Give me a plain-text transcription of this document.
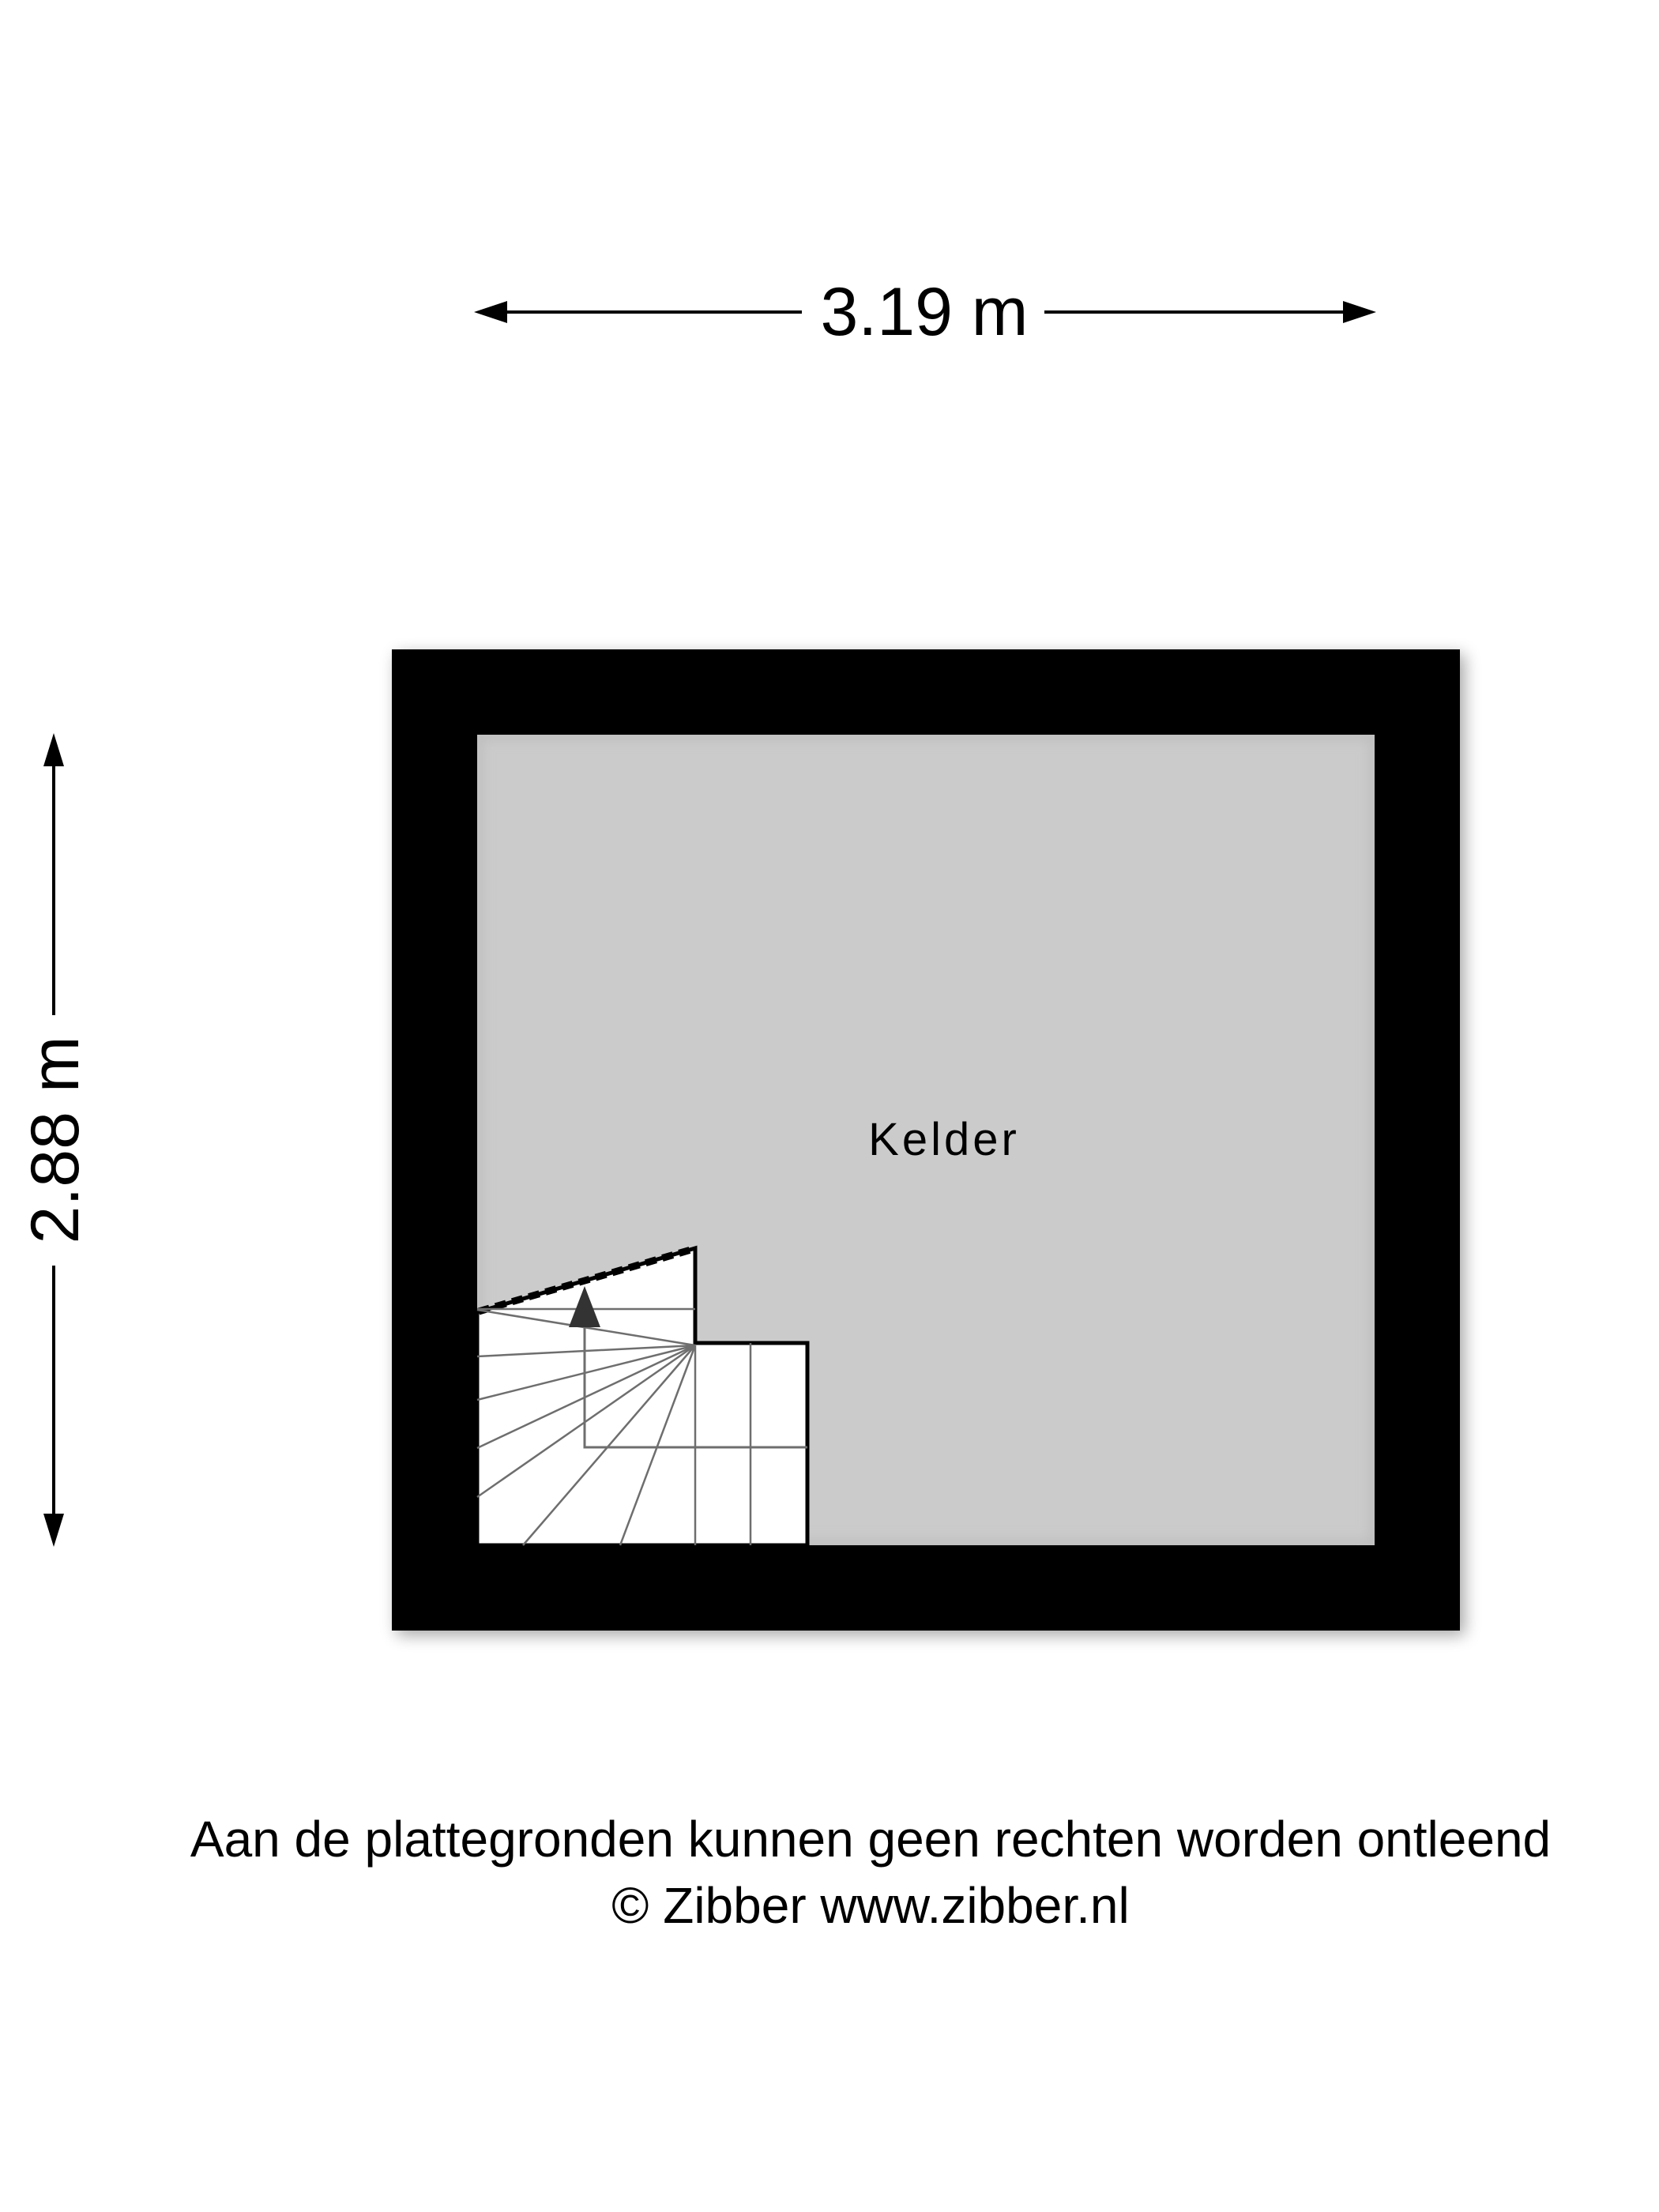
3.19 m
2.88 m	Kelder
Aan de plattegronden kunnen geen rechten worden ontleend
© Zibber www.zibber.nl
